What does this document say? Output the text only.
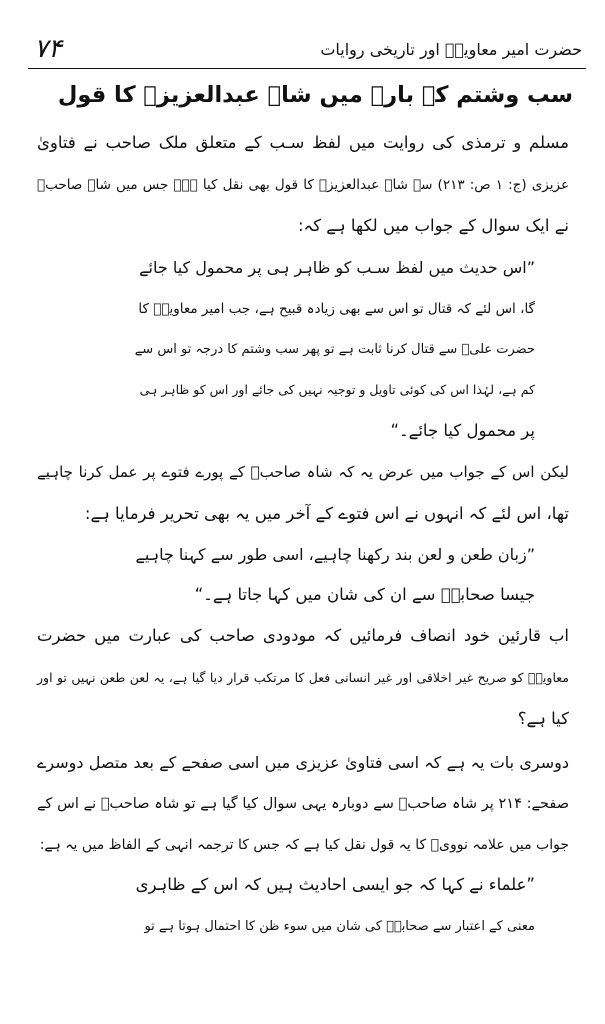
۷۴	حضرت امیر معاویہؓ اور تاریخی روایات
سب وشتم کے بارے میں شاہ عبدالعزیزؒ کا قول
مسلم و ترمذی کی روایت میں لفظ سـب کے متعلق ملک صاحب نے فتاویٰ
عزیزی (ج: ۱ ص: ۲۱۳) سے شاہ عبدالعزیزؒ کا قول بھی نقل کیا ہے۔ جس میں شاہ صاحبؒ
نے ایک سوال کے جواب میں لکھا ہے کہ:
”اس حدیث میں لفظ سـب کو ظاہر ہی پر محمول کیا جائے
گا، اس لئے کہ قتال تو اس سے بھی زیادہ قبیح ہے، جب امیر معاویہؓ کا
حضرت علیؓ سے قتال کرنا ثابت ہے تو پھر سب وشتم کا درجہ تو اس سے
کم ہے، لہٰذا اس کی کوئی تاویل و توجیہ نہیں کی جائے اور اس کو ظاہر ہی
پر محمول کیا جائے۔“
لیکن اس کے جواب میں عرض یہ کہ شاہ صاحبؒ کے پورے فتوے پر عمل کرنا چاہیے
تھا، اس لئے کہ انہوں نے اس فتوے کے آخر میں یہ بھی تحریر فرمایا ہے:
”زبان طعن و لعن بند رکھنا چاہیے، اسی طور سے کہنا چاہیے
جیسا صحابہؓ سے ان کی شان میں کہا جاتا ہے۔“
اب قارئین خود انصاف فرمائیں کہ مودودی صاحب کی عبارت میں حضرت
معاویہؓ کو صریح غیر اخلاقی اور غیر انسانی فعل کا مرتکب قرار دیا گیا ہے، یہ لعن طعن نہیں تو اور
کیا ہے؟
دوسری بات یہ ہے کہ اسی فتاویٰ عزیزی میں اسی صفحے کے بعد متصل دوسرے
صفحے: ۲۱۴ پر شاہ صاحبؒ سے دوبارہ یہی سوال کیا گیا ہے تو شاہ صاحبؒ نے اس کے
جواب میں علامہ نوویؒ کا یہ قول نقل کیا ہے کہ جس کا ترجمہ انہی کے الفاظ میں یہ ہے:
”علماء نے کہا کہ جو ایسی احادیث ہیں کہ اس کے ظاہری
معنی کے اعتبار سے صحابہؓ کی شان میں سوء ظن کا احتمال ہوتا ہے تو
